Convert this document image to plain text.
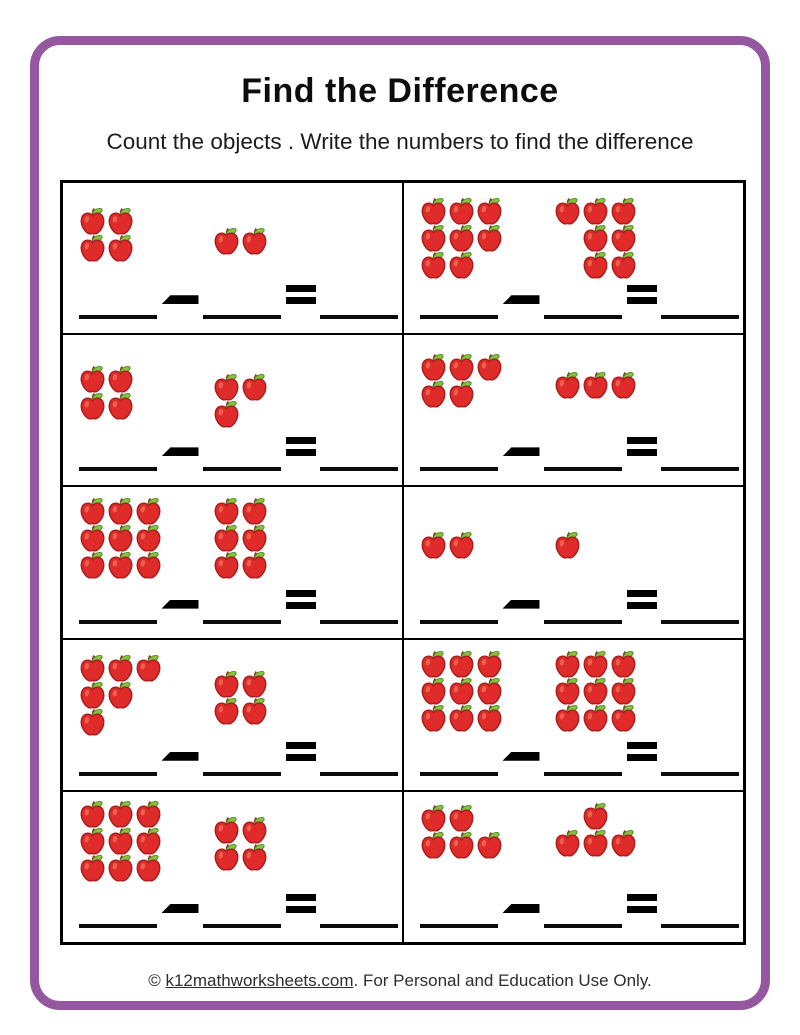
Find the Difference

Count the objects . Write the numbers to find the difference

© k12mathworksheets.com. For Personal and Education Use Only.
